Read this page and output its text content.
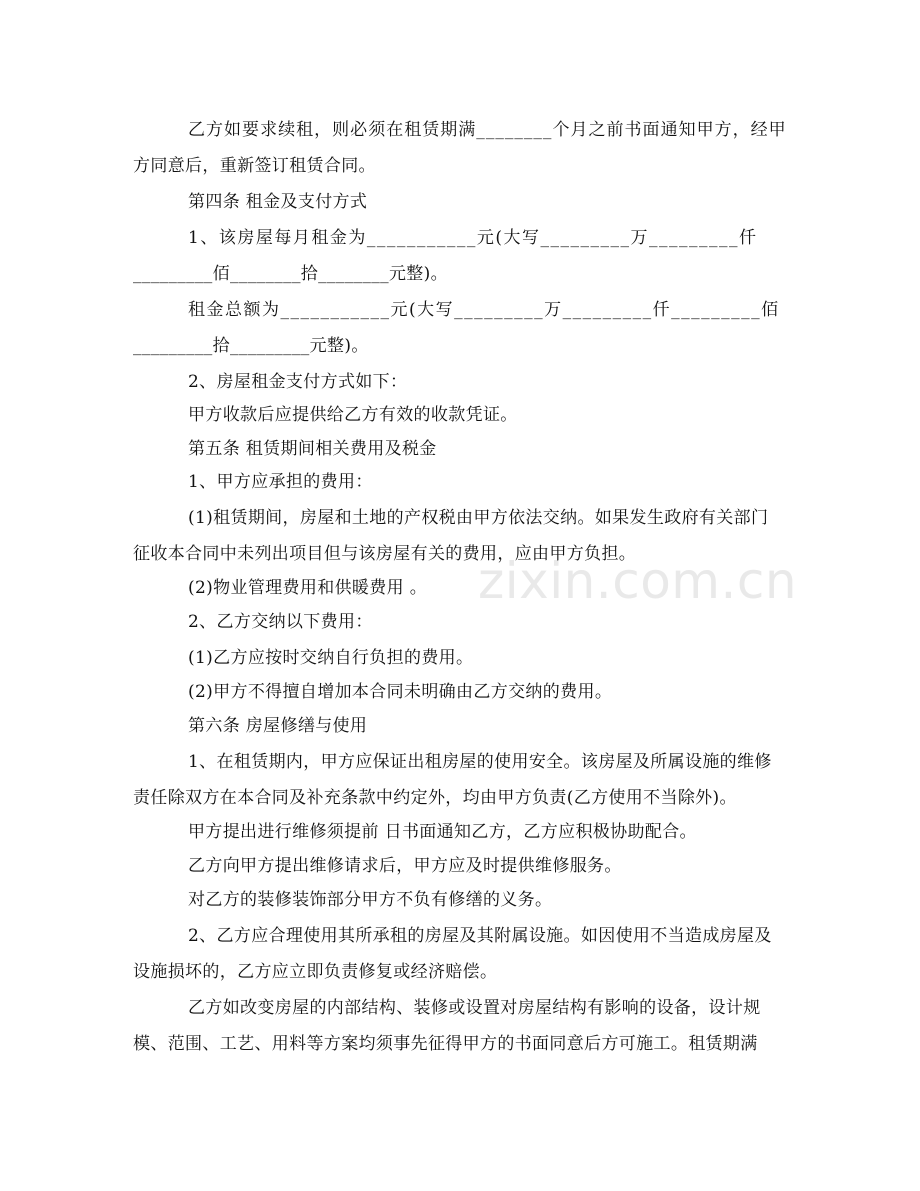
zixin.com.cn
乙方如要求续租，则必须在租赁期满________个月之前书面通知甲方，经甲
方同意后，重新签订租赁合同。
第四条 租金及支付方式
1、该房屋每月租金为___________元(大写_________万_________仟
_________佰________拾________元整)。
租金总额为___________元(大写_________万_________仟_________佰
_________拾_________元整)。
2、房屋租金支付方式如下：
甲方收款后应提供给乙方有效的收款凭证。
第五条 租赁期间相关费用及税金
1、甲方应承担的费用：
(1)租赁期间，房屋和土地的产权税由甲方依法交纳。如果发生政府有关部门
征收本合同中未列出项目但与该房屋有关的费用，应由甲方负担。
(2)物业管理费用和供暖费用 。
2、乙方交纳以下费用：
(1)乙方应按时交纳自行负担的费用。
(2)甲方不得擅自增加本合同未明确由乙方交纳的费用。
第六条 房屋修缮与使用
1、在租赁期内，甲方应保证出租房屋的使用安全。该房屋及所属设施的维修
责任除双方在本合同及补充条款中约定外，均由甲方负责(乙方使用不当除外)。
甲方提出进行维修须提前 日书面通知乙方，乙方应积极协助配合。
乙方向甲方提出维修请求后，甲方应及时提供维修服务。
对乙方的装修装饰部分甲方不负有修缮的义务。
2、乙方应合理使用其所承租的房屋及其附属设施。如因使用不当造成房屋及
设施损坏的，乙方应立即负责修复或经济赔偿。
乙方如改变房屋的内部结构、装修或设置对房屋结构有影响的设备，设计规
模、范围、工艺、用料等方案均须事先征得甲方的书面同意后方可施工。租赁期满
